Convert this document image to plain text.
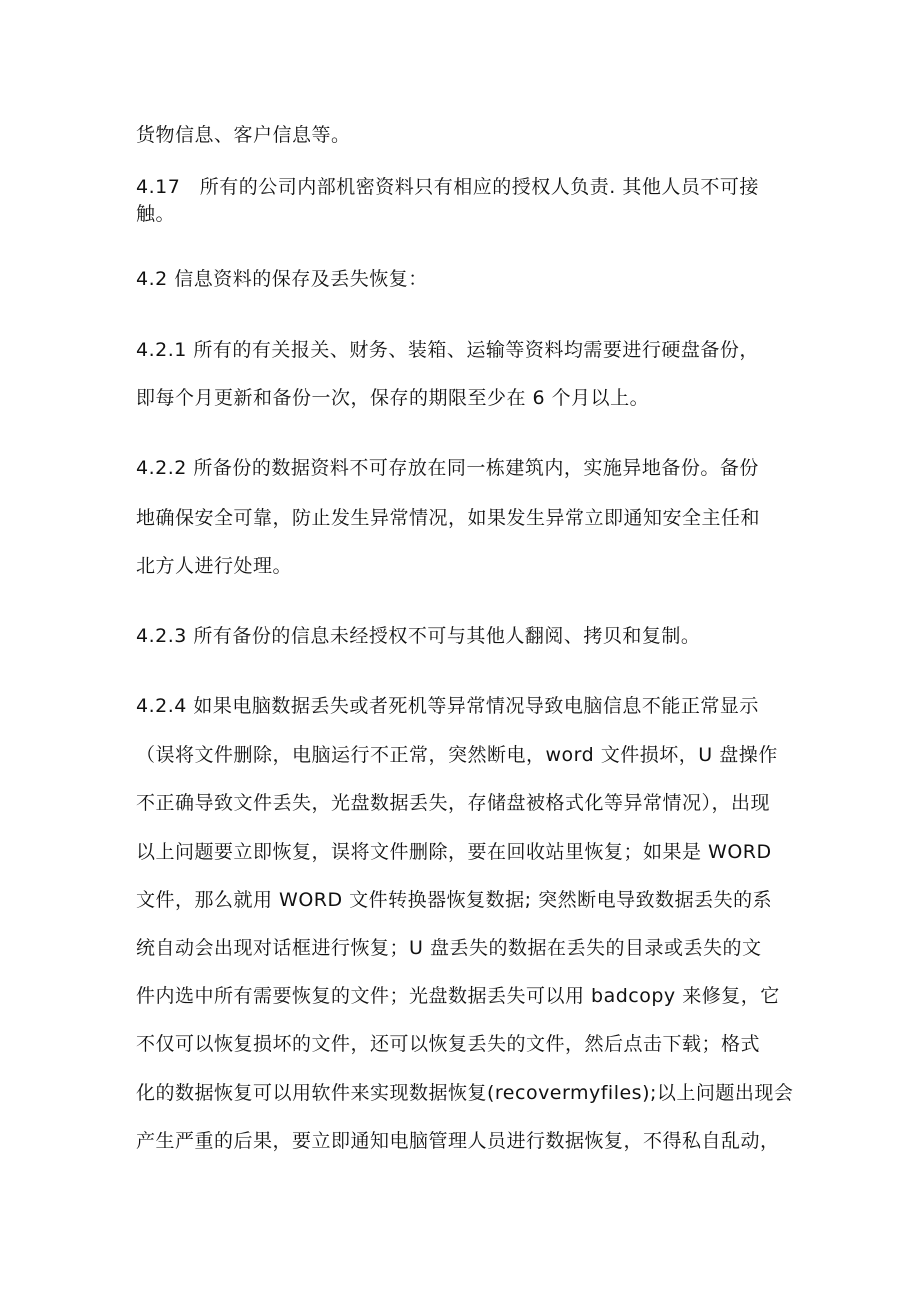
货物信息、客户信息等。
4.17　所有的公司内部机密资料只有相应的授权人负责. 其他人员不可接
触。
4.2 信息资料的保存及丢失恢复：
4.2.1 所有的有关报关、财务、装箱、运输等资料均需要进行硬盘备份，
即每个月更新和备份一次，保存的期限至少在 6 个月以上。
4.2.2 所备份的数据资料不可存放在同一栋建筑内，实施异地备份。备份
地确保安全可靠，防止发生异常情况，如果发生异常立即通知安全主任和
北方人进行处理。
4.2.3 所有备份的信息未经授权不可与其他人翻阅、拷贝和复制。
4.2.4 如果电脑数据丢失或者死机等异常情况导致电脑信息不能正常显示
（误将文件删除，电脑运行不正常，突然断电，word 文件损坏，U 盘操作
不正确导致文件丢失，光盘数据丢失，存储盘被格式化等异常情况），出现
以上问题要立即恢复，误将文件删除，要在回收站里恢复；如果是 WORD
文件，那么就用 WORD 文件转换器恢复数据; 突然断电导致数据丢失的系
统自动会出现对话框进行恢复；U 盘丢失的数据在丢失的目录或丢失的文
件内选中所有需要恢复的文件；光盘数据丢失可以用 badcopy 来修复，它
不仅可以恢复损坏的文件，还可以恢复丢失的文件，然后点击下载；格式
化的数据恢复可以用软件来实现数据恢复(recovermyfiles);以上问题出现会
产生严重的后果，要立即通知电脑管理人员进行数据恢复，不得私自乱动，
